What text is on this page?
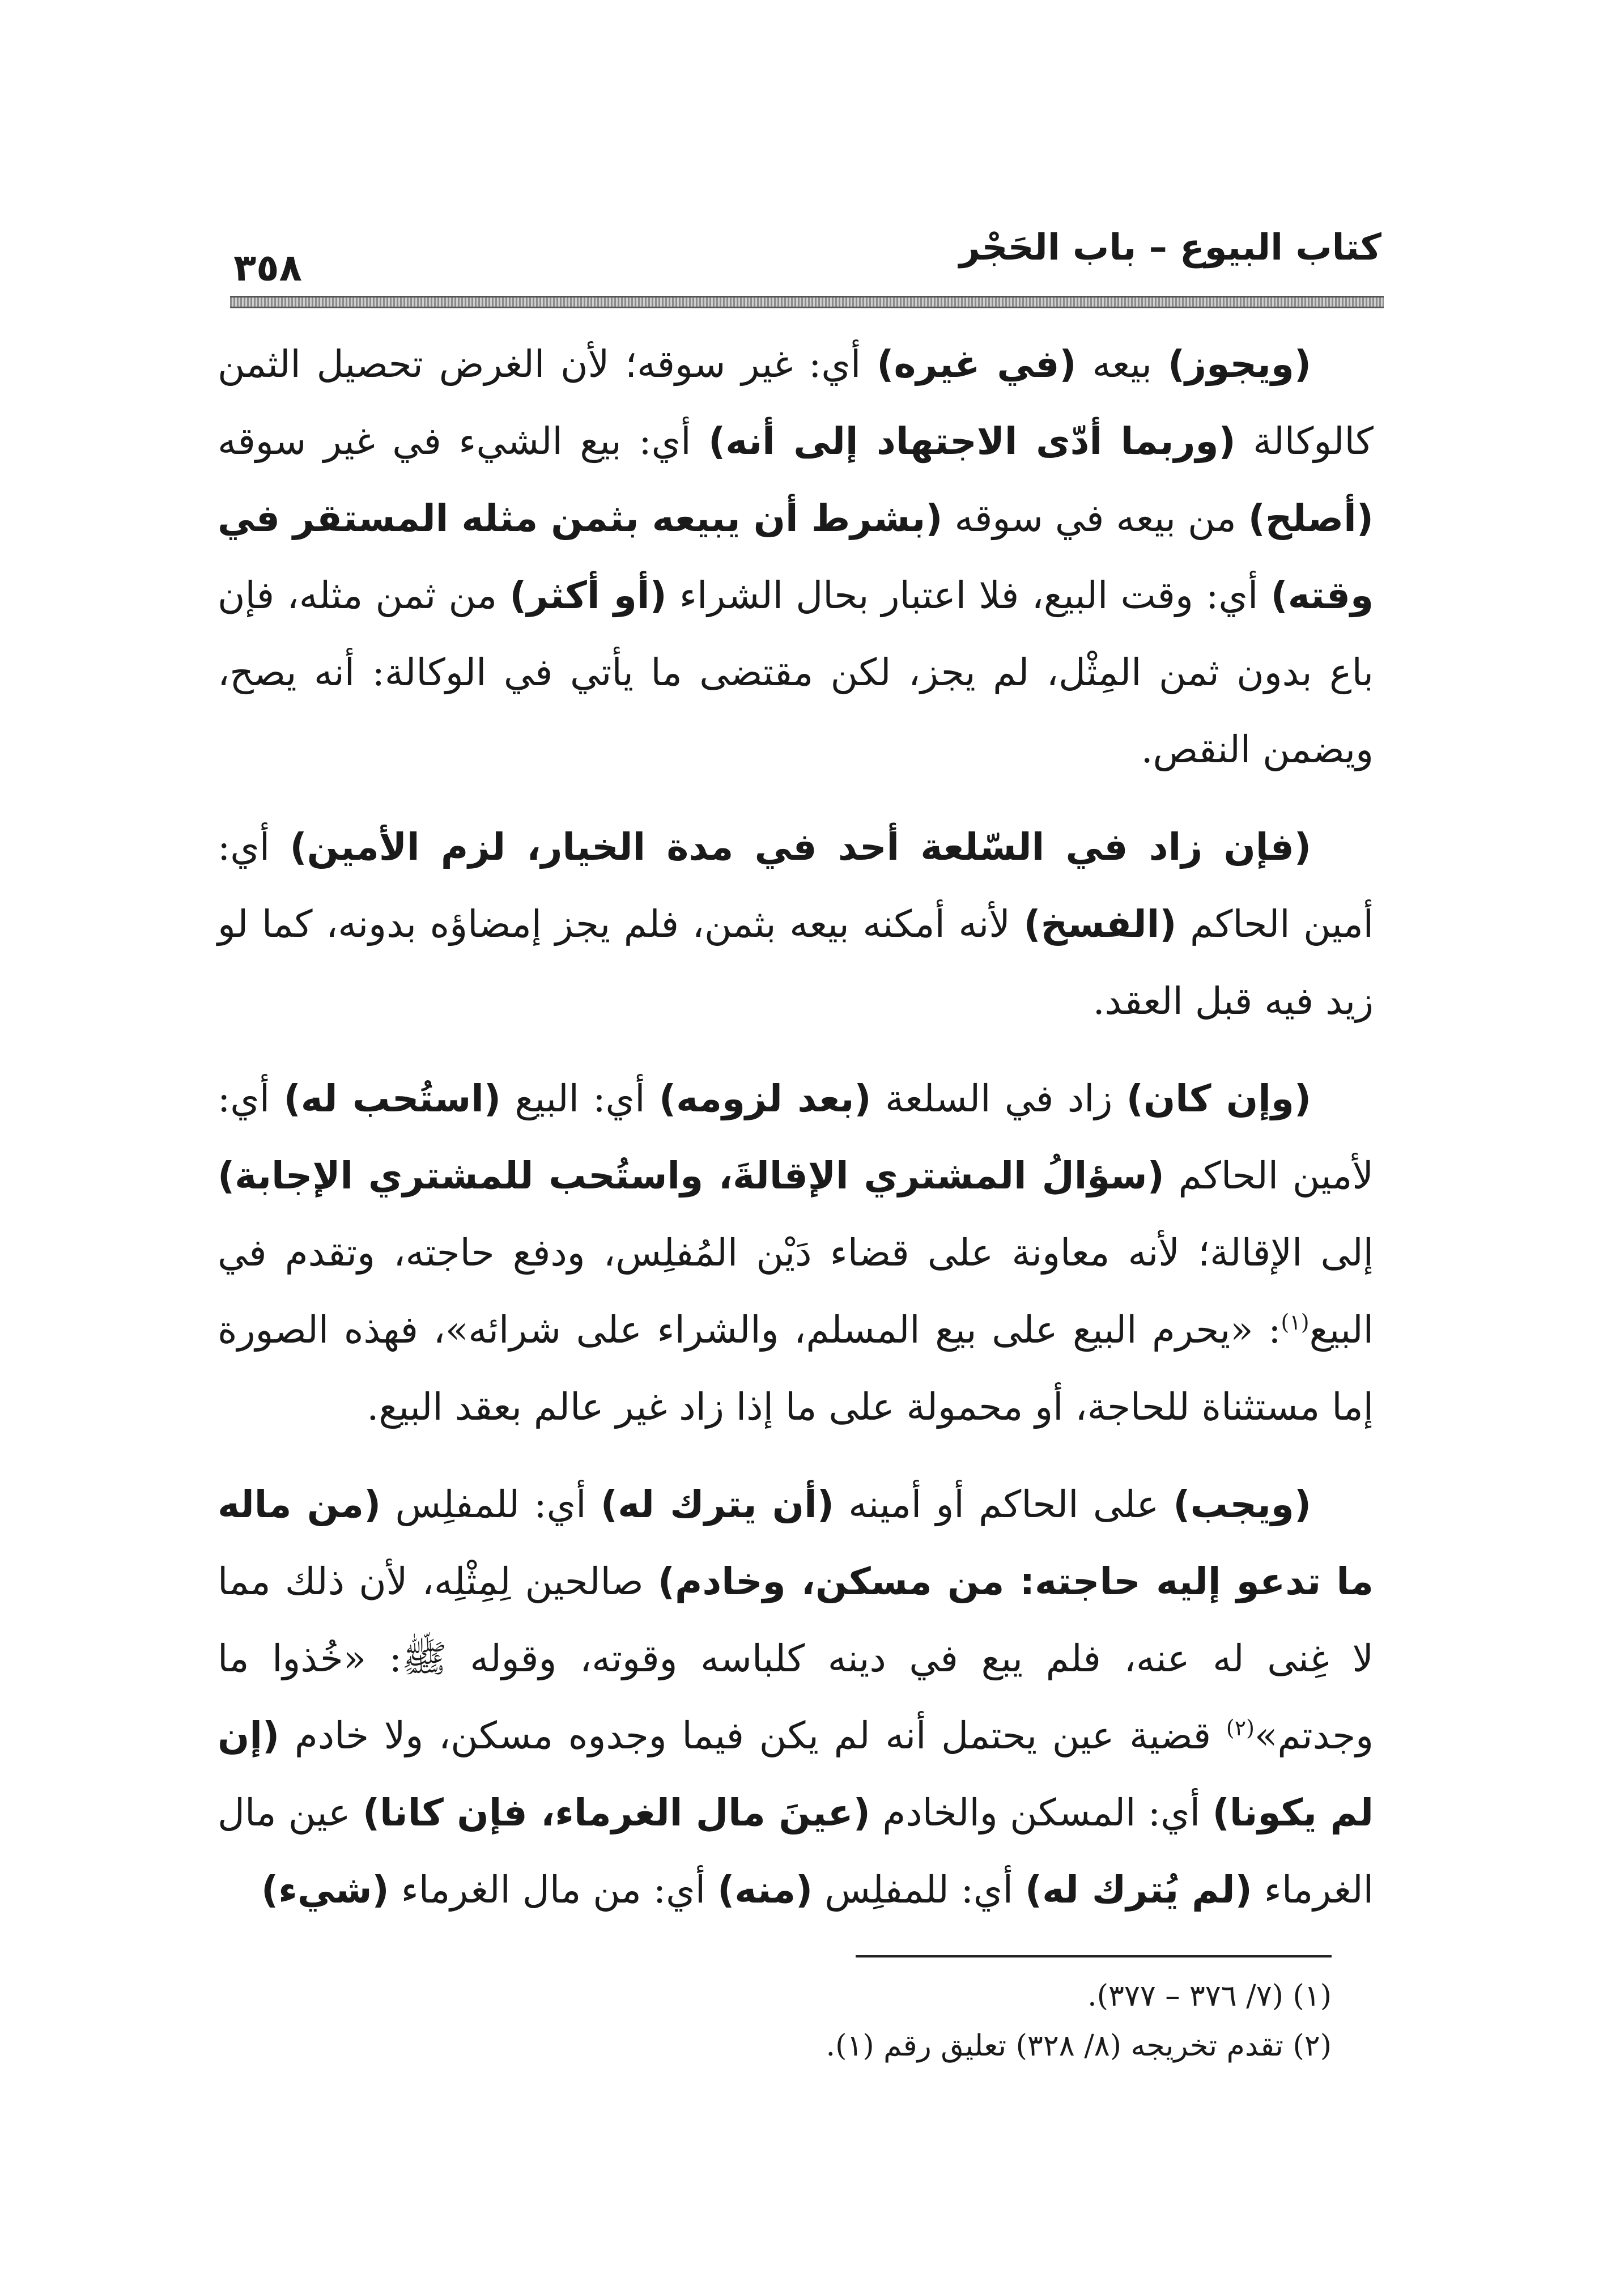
كتاب البيوع – باب الحَجْر
٣٥٨

(ويجوز) بيعه (في غيره) أي: غير سوقه؛ لأن الغرض تحصيل الثمن كالوكالة (وربما أدّى الاجتهاد إلى أنه) أي: بيع الشيء في غير سوقه (أصلح) من بيعه في سوقه (بشرط أن يبيعه بثمن مثله المستقر في وقته) أي: وقت البيع، فلا اعتبار بحال الشراء (أو أكثر) من ثمن مثله، فإن باع بدون ثمن المِثْل، لم يجز، لكن مقتضى ما يأتي في الوكالة: أنه يصح، ويضمن النقص.

(فإن زاد في السّلعة أحد في مدة الخيار، لزم الأمين) أي: أمين الحاكم (الفسخ) لأنه أمكنه بيعه بثمن، فلم يجز إمضاؤه بدونه، كما لو زيد فيه قبل العقد.

(وإن كان) زاد في السلعة (بعد لزومه) أي: البيع (استُحب له) أي: لأمين الحاكم (سؤالُ المشتري الإقالةَ، واستُحب للمشتري الإجابة) إلى الإقالة؛ لأنه معاونة على قضاء دَيْن المُفلِس، ودفع حاجته، وتقدم في البيع$^{(١)}$: «يحرم البيع على بيع المسلم، والشراء على شرائه»، فهذه الصورة إما مستثناة للحاجة، أو محمولة على ما إذا زاد غير عالم بعقد البيع.

(ويجب) على الحاكم أو أمينه (أن يترك له) أي: للمفلِس (من ماله ما تدعو إليه حاجته: من مسكن، وخادم) صالحين لِمِثْلِه، لأن ذلك مما لا غِنى له عنه، فلم يبع في دينه كلباسه وقوته، وقوله ﷺ: «خُذوا ما وجدتم»$^{(٢)}$ قضية عين يحتمل أنه لم يكن فيما وجدوه مسكن، ولا خادم (إن لم يكونا) أي: المسكن والخادم (عينَ مال الغرماء، فإن كانا) عين مال الغرماء (لم يُترك له) أي: للمفلِس (منه) أي: من مال الغرماء (شيء)

(١) (٧/ ٣٧٦ – ٣٧٧).

(٢) تقدم تخريجه (٨/ ٣٢٨) تعليق رقم (١).
